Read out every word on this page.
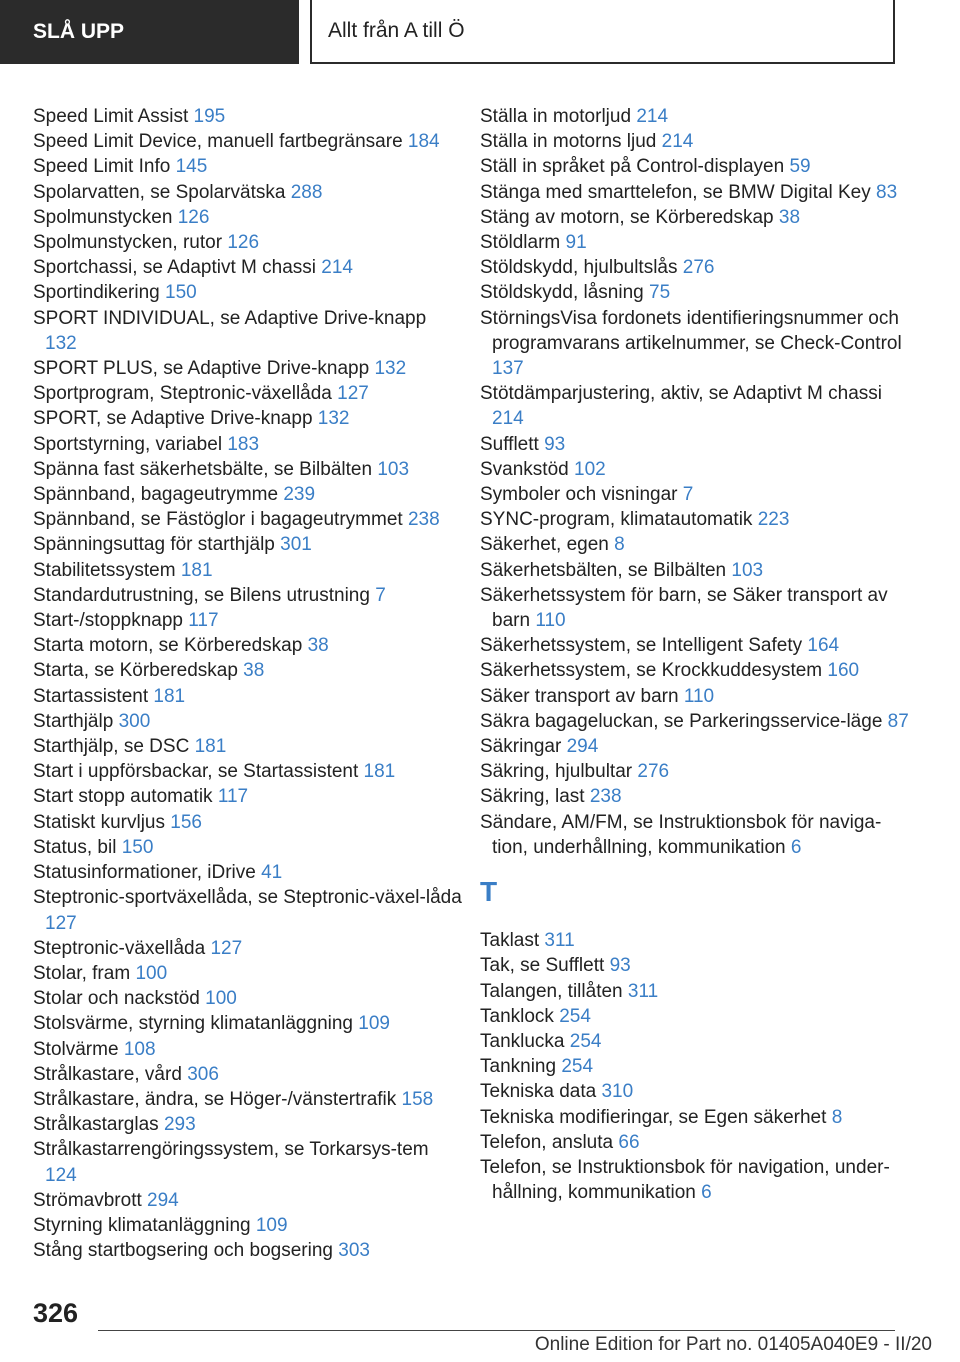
SLÅ UPP	Allt från A till Ö
Speed Limit Assist 195
Speed Limit Device, manuell fartbegränsare 184
Speed Limit Info 145
Spolarvatten, se Spolarvätska 288
Spolmunstycken 126
Spolmunstycken, rutor 126
Sportchassi, se Adaptivt M chassi 214
Sportindikering 150
SPORT INDIVIDUAL, se Adaptive Drive-knapp 132
SPORT PLUS, se Adaptive Drive-knapp 132
Sportprogram, Steptronic-växellåda 127
SPORT, se Adaptive Drive-knapp 132
Sportstyrning, variabel 183
Spänna fast säkerhetsbälte, se Bilbälten 103
Spännband, bagageutrymme 239
Spännband, se Fästöglor i bagageutrymmet 238
Spänningsuttag för starthjälp 301
Stabilitetssystem 181
Standardutrustning, se Bilens utrustning 7
Start-/stoppknapp 117
Starta motorn, se Körberedskap 38
Starta, se Körberedskap 38
Startassistent 181
Starthjälp 300
Starthjälp, se DSC 181
Start i uppförsbackar, se Startassistent 181
Start stopp automatik 117
Statiskt kurvljus 156
Status, bil 150
Statusinformationer, iDrive 41
Steptronic-sportväxellåda, se Steptronic-växel-låda 127
Steptronic-växellåda 127
Stolar, fram 100
Stolar och nackstöd 100
Stolsvärme, styrning klimatanläggning 109
Stolvärme 108
Strålkastare, vård 306
Strålkastare, ändra, se Höger-/vänstertrafik 158
Strålkastarglas 293
Strålkastarrengöringssystem, se Torkarsys-tem 124
Strömavbrott 294
Styrning klimatanläggning 109
Stång startbogsering och bogsering 303
Ställa in motorljud 214
Ställa in motorns ljud 214
Ställ in språket på Control-displayen 59
Stänga med smarttelefon, se BMW Digital Key 83
Stäng av motorn, se Körberedskap 38
Stöldlarm 91
Stöldskydd, hjulbultslås 276
Stöldskydd, låsning 75
StörningsVisa fordonets identifieringsnummer och programvarans artikelnummer, se Check-Control 137
Stötdämparjustering, aktiv, se Adaptivt M chassi 214
Sufflett 93
Svankstöd 102
Symboler och visningar 7
SYNC-program, klimatautomatik 223
Säkerhet, egen 8
Säkerhetsbälten, se Bilbälten 103
Säkerhetssystem för barn, se Säker transport av barn 110
Säkerhetssystem, se Intelligent Safety 164
Säkerhetssystem, se Krockkuddesystem 160
Säker transport av barn 110
Säkra bagageluckan, se Parkeringsservice-läge 87
Säkringar 294
Säkring, hjulbultar 276
Säkring, last 238
Sändare, AM/FM, se Instruktionsbok för naviga-tion, underhållning, kommunikation 6
T
Taklast 311
Tak, se Sufflett 93
Talangen, tillåten 311
Tanklock 254
Tanklucka 254
Tankning 254
Tekniska data 310
Tekniska modifieringar, se Egen säkerhet 8
Telefon, ansluta 66
Telefon, se Instruktionsbok för navigation, under-hållning, kommunikation 6
326
Online Edition for Part no. 01405A040E9 - II/20
